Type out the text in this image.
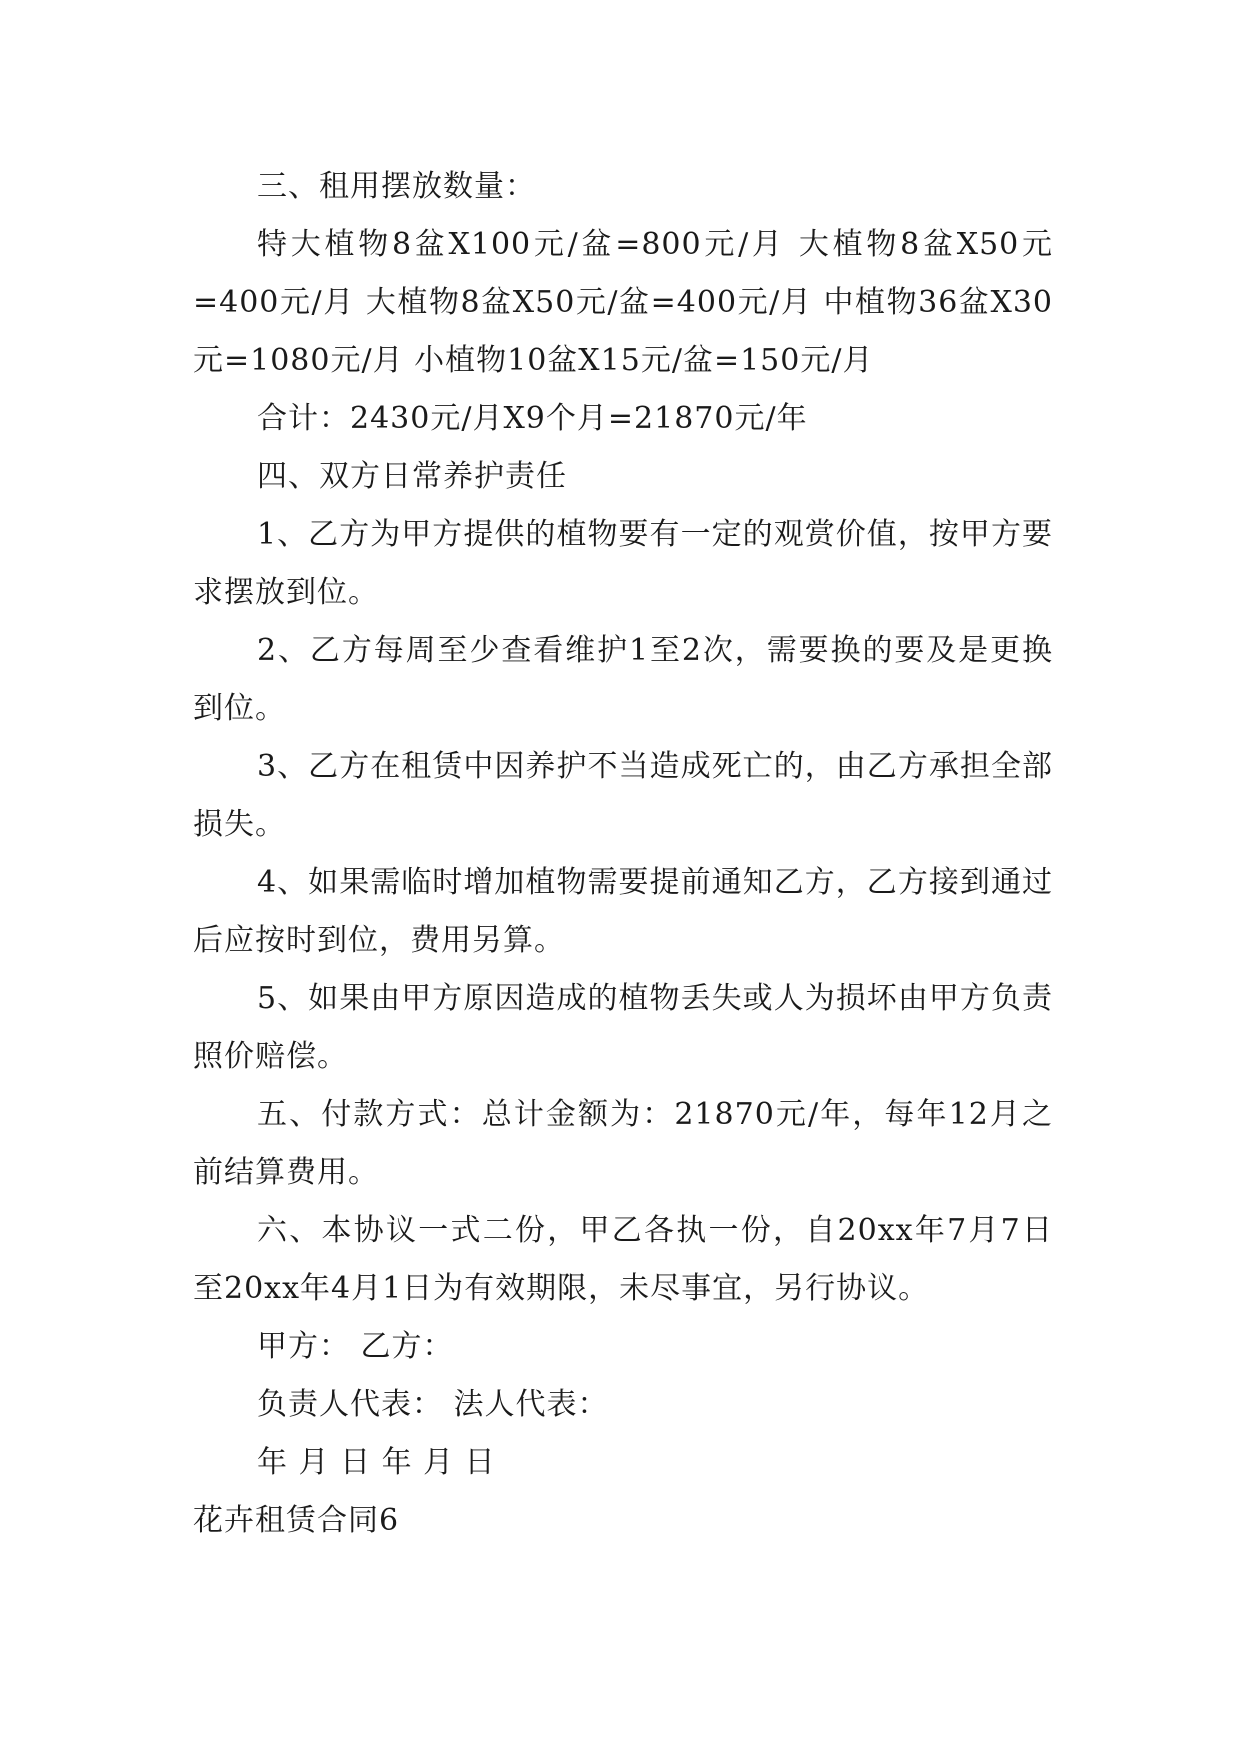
三、租用摆放数量：

特大植物8盆X100元/盆=800元/月 大植物8盆X50元=400元/月 大植物8盆X50元/盆=400元/月 中植物36盆X30元=1080元/月 小植物10盆X15元/盆=150元/月

合计：2430元/月X9个月=21870元/年

四、双方日常养护责任

1、乙方为甲方提供的植物要有一定的观赏价值，按甲方要求摆放到位。

2、乙方每周至少查看维护1至2次，需要换的要及是更换到位。

3、乙方在租赁中因养护不当造成死亡的，由乙方承担全部损失。

4、如果需临时增加植物需要提前通知乙方，乙方接到通过后应按时到位，费用另算。

5、如果由甲方原因造成的植物丢失或人为损坏由甲方负责照价赔偿。

五、付款方式：总计金额为：21870元/年，每年12月之前结算费用。

六、本协议一式二份，甲乙各执一份，自20xx年7月7日至20xx年4月1日为有效期限，未尽事宜，另行协议。

甲方： 乙方：

负责人代表： 法人代表：

年 月 日 年 月 日

花卉租赁合同6
